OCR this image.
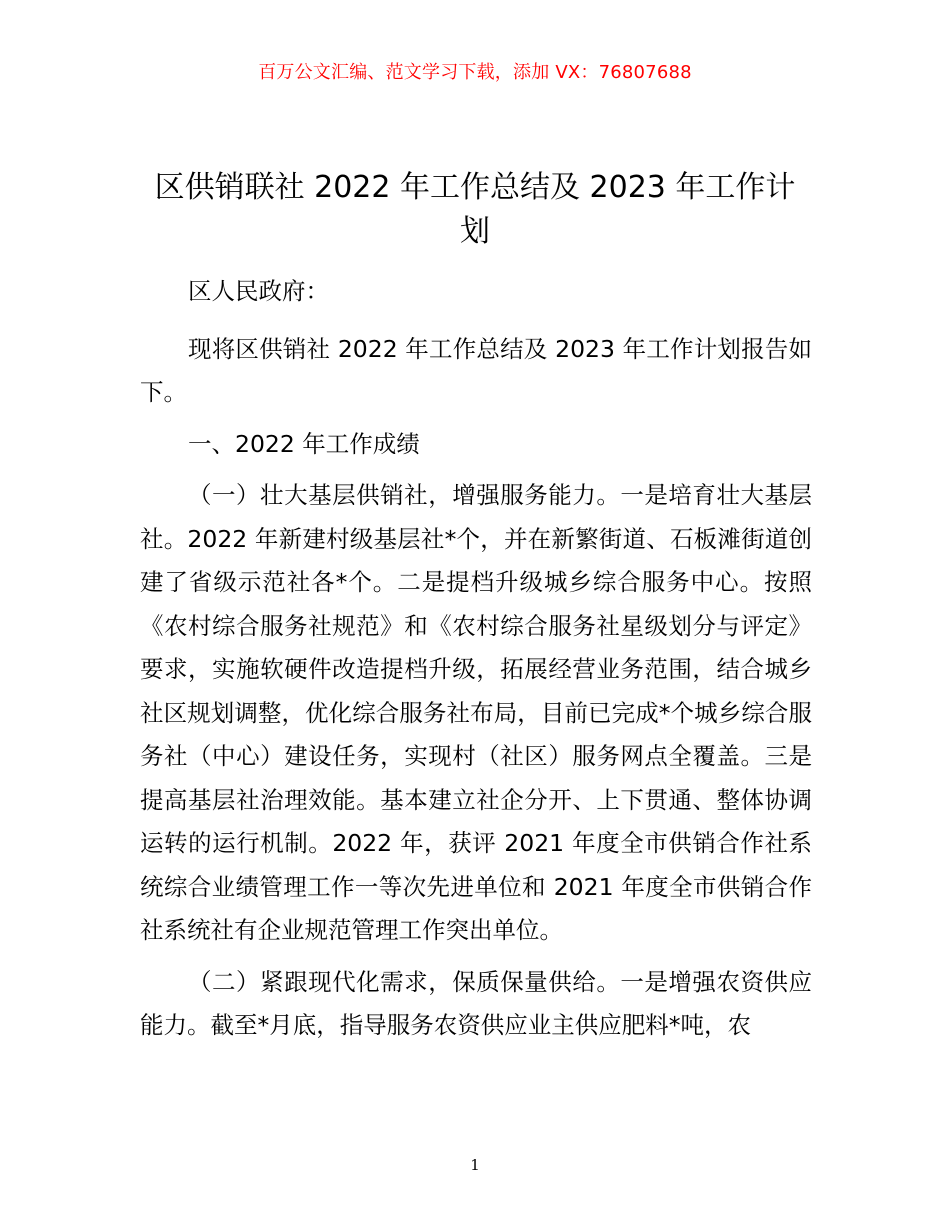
百万公文汇编、范文学习下载，添加 VX：76807688
区供销联社 2022 年工作总结及 2023 年工作计划

区人民政府：

现将区供销社 2022 年工作总结及 2023 年工作计划报告如下。

一、2022 年工作成绩

（一）壮大基层供销社，增强服务能力。一是培育壮大基层社。2022 年新建村级基层社*个，并在新繁街道、石板滩街道创建了省级示范社各*个。二是提档升级城乡综合服务中心。按照《农村综合服务社规范》和《农村综合服务社星级划分与评定》要求，实施软硬件改造提档升级，拓展经营业务范围，结合城乡社区规划调整，优化综合服务社布局，目前已完成*个城乡综合服务社（中心）建设任务，实现村（社区）服务网点全覆盖。三是提高基层社治理效能。基本建立社企分开、上下贯通、整体协调运转的运行机制。2022 年，获评 2021 年度全市供销合作社系统综合业绩管理工作一等次先进单位和 2021 年度全市供销合作社系统社有企业规范管理工作突出单位。

（二）紧跟现代化需求，保质保量供给。一是增强农资供应能力。截至*月底，指导服务农资供应业主供应肥料*吨，农

1
